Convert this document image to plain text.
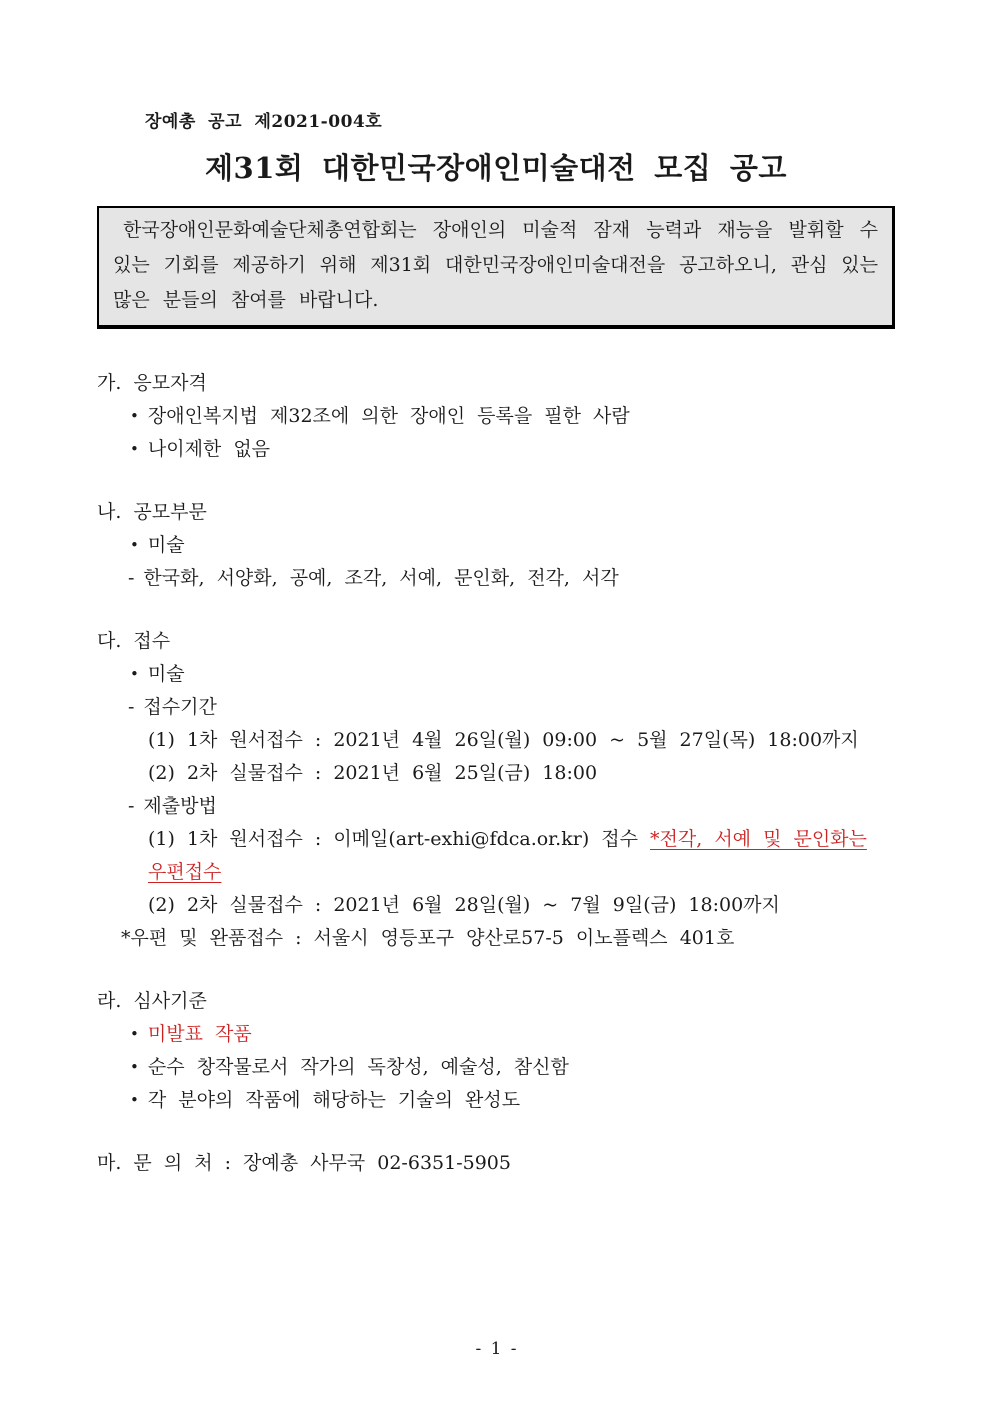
장예총 공고 제2021-004호
제31회 대한민국장애인미술대전 모집 공고
한국장애인문화예술단체총연합회는 장애인의 미술적 잠재 능력과 재능을 발휘할 수 있는 기회를 제공하기 위해 제31회 대한민국장애인미술대전을 공고하오니, 관심 있는 많은 분들의 참여를 바랍니다.
가. 응모자격
• 장애인복지법 제32조에 의한 장애인 등록을 필한 사람
• 나이제한 없음
나. 공모부문
• 미술
- 한국화, 서양화, 공예, 조각, 서예, 문인화, 전각, 서각
다. 접수
• 미술
- 접수기간
(1) 1차 원서접수 : 2021년 4월 26일(월) 09:00 ~ 5월 27일(목) 18:00까지
(2) 2차 실물접수 : 2021년 6월 25일(금) 18:00
- 제출방법
(1) 1차 원서접수 : 이메일(art-exhi@fdca.or.kr) 접수 *전각, 서예 및 문인화는 우편접수
(2) 2차 실물접수 : 2021년 6월 28일(월) ~ 7월 9일(금) 18:00까지
*우편 및 완품접수 : 서울시 영등포구 양산로57-5 이노플렉스 401호
라. 심사기준
• 미발표 작품
• 순수 창작물로서 작가의 독창성, 예술성, 참신함
• 각 분야의 작품에 해당하는 기술의 완성도
마. 문 의 처 : 장예총 사무국 02-6351-5905
- 1 -
